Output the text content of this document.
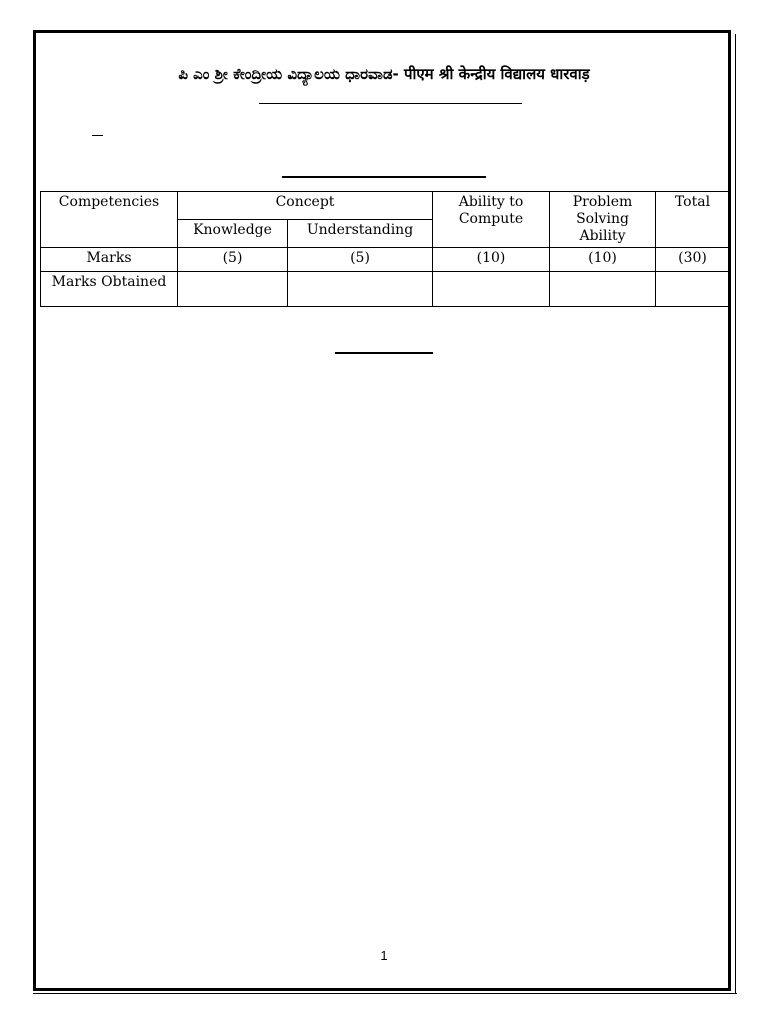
ಪಿ ಎಂ ಶ್ರೀ ಕೇಂದ್ರೀಯ ವಿದ್ಯಾಲಯ ಧಾರವಾಡ- पीएम श्री केन्द्रीय विद्यालय धारवाड़
Competencies	Concept		Ability to Compute	Problem Solving Ability	Total
	Knowledge	Understanding			
Marks	(5)	(5)	(10)	(10)	(30)
Marks Obtained					
1
